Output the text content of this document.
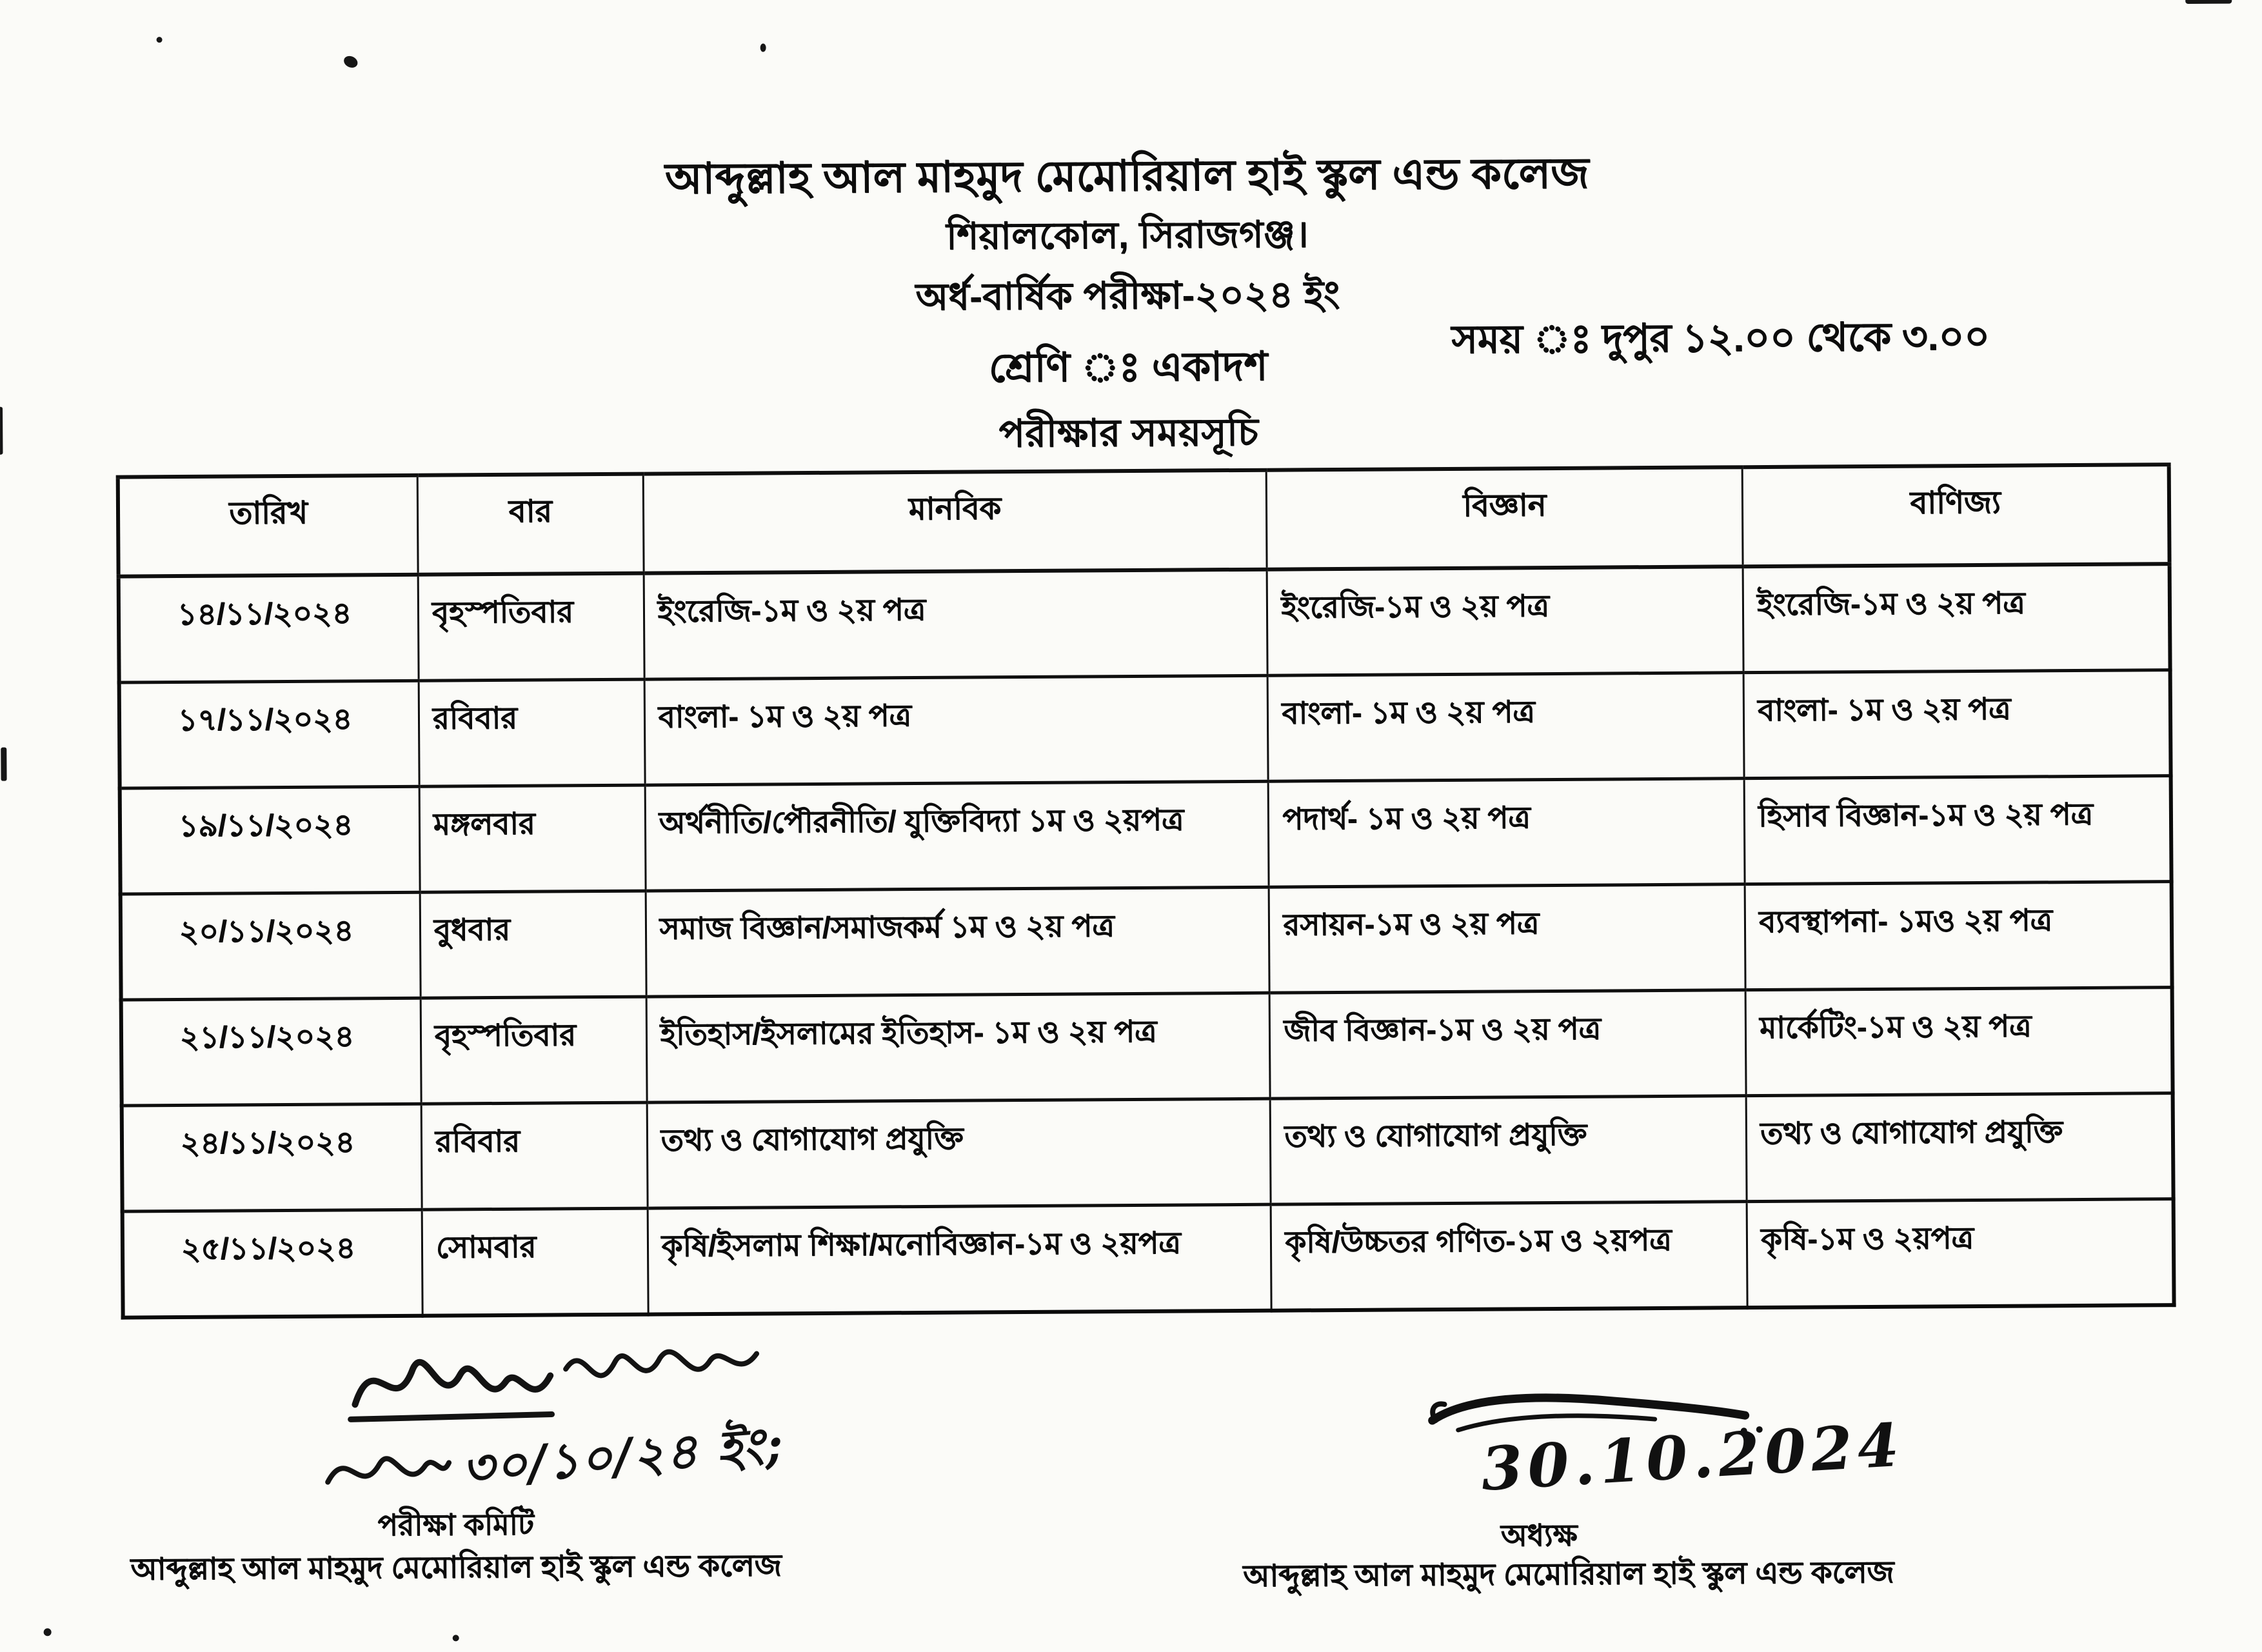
আব্দুল্লাহ আল মাহমুদ মেমোরিয়াল হাই স্কুল এন্ড কলেজ
শিয়ালকোল, সিরাজগঞ্জ।
অর্ধ-বার্ষিক পরীক্ষা-২০২৪ ইং
শ্রেণি ঃ একাদশ
পরীক্ষার সময়সূচি
সময় ঃ দুপুর ১২.০০ থেকে ৩.০০
তারিখ	বার	মানবিক	বিজ্ঞান	বাণিজ্য
১৪/১১/২০২৪	বৃহস্পতিবার	ইংরেজি-১ম ও ২য় পত্র	ইংরেজি-১ম ও ২য় পত্র	ইংরেজি-১ম ও ২য় পত্র
১৭/১১/২০২৪	রবিবার	বাংলা- ১ম ও ২য় পত্র	বাংলা- ১ম ও ২য় পত্র	বাংলা- ১ম ও ২য় পত্র
১৯/১১/২০২৪	মঙ্গলবার	অর্থনীতি/পৌরনীতি/ যুক্তিবিদ্যা ১ম ও ২য়পত্র	পদার্থ- ১ম ও ২য় পত্র	হিসাব বিজ্ঞান-১ম ও ২য় পত্র
২০/১১/২০২৪	বুধবার	সমাজ বিজ্ঞান/সমাজকর্ম ১ম ও ২য় পত্র	রসায়ন-১ম ও ২য় পত্র	ব্যবস্থাপনা- ১মও ২য় পত্র
২১/১১/২০২৪	বৃহস্পতিবার	ইতিহাস/ইসলামের ইতিহাস- ১ম ও ২য় পত্র	জীব বিজ্ঞান-১ম ও ২য় পত্র	মার্কেটিং-১ম ও ২য় পত্র
২৪/১১/২০২৪	রবিবার	তথ্য ও যোগাযোগ প্রযুক্তি	তথ্য ও যোগাযোগ প্রযুক্তি	তথ্য ও যোগাযোগ প্রযুক্তি
২৫/১১/২০২৪	সোমবার	কৃষি/ইসলাম শিক্ষা/মনোবিজ্ঞান-১ম ও ২য়পত্র	কৃষি/উচ্চতর গণিত-১ম ও ২য়পত্র	কৃষি-১ম ও ২য়পত্র
৩০/১০/২৪ ইং;
পরীক্ষা কমিটি
আব্দুল্লাহ আল মাহমুদ মেমোরিয়াল হাই স্কুল এন্ড কলেজ
30.10.2024
অধ্যক্ষ
আব্দুল্লাহ আল মাহমুদ মেমোরিয়াল হাই স্কুল এন্ড কলেজ
